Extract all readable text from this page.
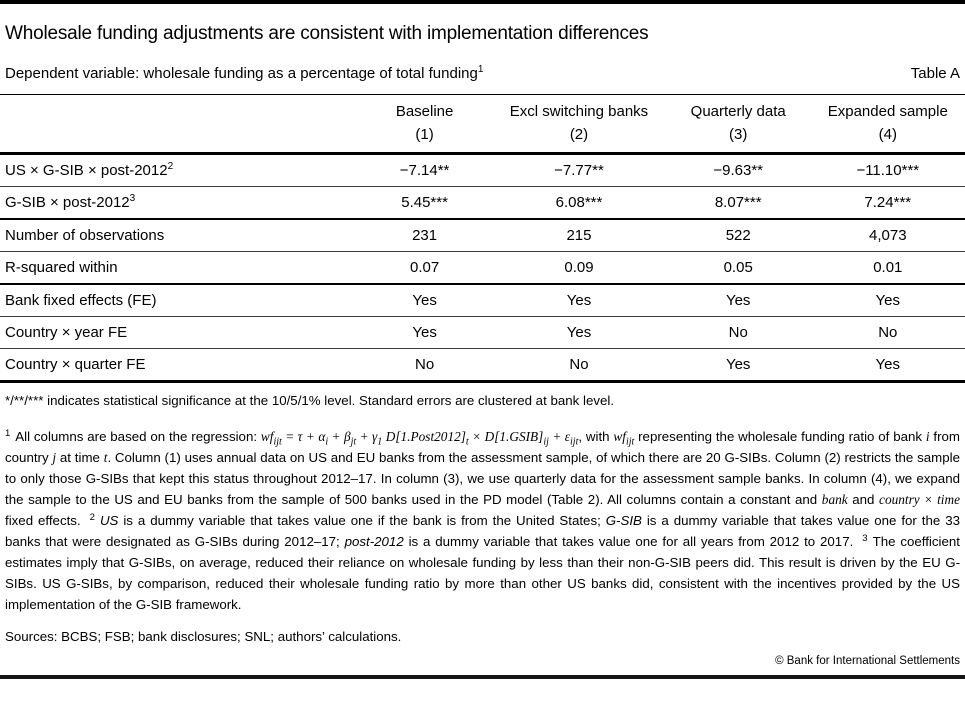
Wholesale funding adjustments are consistent with implementation differences
Dependent variable: wholesale funding as a percentage of total funding$^1$	Table A
	Baseline	Excl switching banks	Quarterly data	Expanded sample
	(1)	(2)	(3)	(4)
US × G-SIB × post-$2012^2$	−7.14**	−7.77**	−9.63**	−11.10***
G-SIB × post-$2012^3$	5.45***	6.08***	8.07***	7.24***
Number of observations	231	215	522	4,073
R-squared within	0.07	0.09	0.05	0.01
Bank fixed effects (FE)	Yes	Yes	Yes	Yes
Country × year FE	Yes	Yes	No	No
Country × quarter FE	No	No	Yes	Yes

*/**/*** indicates statistical significance at the 10/5/1% level. Standard errors are clustered at bank level.

$^1$ All columns are based on the regression: $wf_{ijt} = \tau + \alpha_i + \beta_{jt} + \gamma_1$ $D[1.Post2012]_t$ × $D[1.GSIB]_{ij} + \varepsilon_{ijt}$, with $wf_{ijt}$ representing the wholesale funding ratio of bank i from country j at time t. Column (1) uses annual data on US and EU banks from the assessment sample, of which there are 20 G-SIBs. Column (2) restricts the sample to only those G-SIBs that kept this status throughout 2012–17. In column (3), we use quarterly data for the assessment sample banks. In column (4), we expand the sample to the US and EU banks from the sample of 500 banks used in the PD model (Table 2). All columns contain a constant and bank and country × time fixed effects. $^2$ US is a dummy variable that takes value one if the bank is from the United States; G-SIB is a dummy variable that takes value one for the 33 banks that were designated as G-SIBs during 2012–17; post-2012 is a dummy variable that takes value one for all years from 2012 to 2017. $^3$ The coefficient estimates imply that G-SIBs, on average, reduced their reliance on wholesale funding by less than their non-G-SIB peers did. This result is driven by the EU G-SIBs. US G-SIBs, by comparison, reduced their wholesale funding ratio by more than other US banks did, consistent with the incentives provided by the US implementation of the G-SIB framework.

Sources: BCBS; FSB; bank disclosures; SNL; authors’ calculations.

© Bank for International Settlements
